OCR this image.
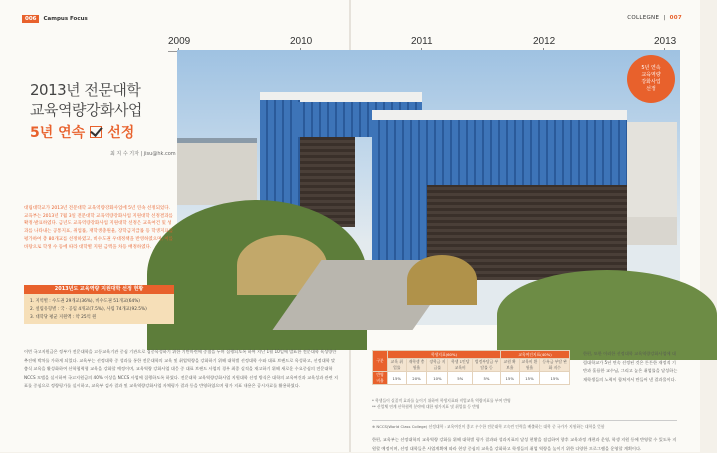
006	Campus Focus	COLLEGNE  |  007
2009	2010	2011	2012	2013
5년 연속
교육역량
강화사업
선정
2013년 전문대학
교육역량강화사업
5년 연속 선정
최 지 수 기자 | jisu@hk.com
대림대학교가 2013년 전문대학 교육역량강화사업에 5년 연속 선정되었다. 교육부는 2013년 7월 3일 전문대학 교육역량강화사업 지원대학 선정결과를 확정·발표하였다. 금년도 교육역량강화사업 지원대학 선정은 교육여건 및 성과를 나타내는 공통지표, 취업률, 재학생충원율, 장학금지급률 등 학생지표를 평가하여 총 80개교를 선정하였고, 비수도권 우대정책을 반영하였으며, 이를 바탕으로 학생 수 등에 따라 대학별 지원 금액을 차등 배정하였다.
2013년도 교육역량 지원대학 선정 현황

1. 지역별 : 수도권 29개교(36%), 비수도권 51개교(64%)

2. 설립유형별 : 국 · 공립 4개교(7.5%), 사립 74개교(92.5%)

3. 대학당 평균 지원액 : 약 25억 원

이번 국고지원금은 정부가 전문대학을 고등교육기관 중심 기관으로 집중육성하기 위한 기반마련에 중점을 두며 집행되도록 하여 지난 1월 10일에 발표한 전문대학 육성방안 추진에 박차를 가하게 되었다. 교육부는 선정대학 중 성과를 통한 전문대학의 교육 및 취업역량을 강화하기 위해 대학별 선정대학 수와 대표 브랜드로 육성하고, 선정대학 맞춤식 교육을 활성화하여 산학협력형 교육을 강화할 예정이며, 교육역량 강화사업 대응 중 대표 브랜드 사업의 경우 최종 실적을 재고하기 위해 새로운 수요중심의 전문대학 NCCS 모델을 실시하여 국고지원금의 40% 이상을 NCCS 사업에 집행하도록 하였다. 전문대학 교육역량강화사업 지원대학 선정 방식은 대학의 교육여건과 교육성과 관련 지표를 중심으로 정량평가를 실시하고, 교육부 검사 결과 및 교육역량강화사업 자체평가 결과 등을 반영하였으며 평가 지표 내용은 공시자료를 활용하였다.
한편, 또한 이러한 선정대학 교육역량강화사업에 대림대학교가 5년 연속 선정된 것은 튼튼한 재정적 기반과 훌륭한 교수님, 그리고 높은 취업률을 달성하는 재학생들의 노력이 합쳐져서 만들어 낸 결과물이다.
한편, 교육부는 선정대학의 교육역량 강화를 위해 대학별 평가 결과와 성과지표의 달성 현황을 점검하여 향후 교육과정 개편과 운영, 학생 지원 등에 반영할 수 있도록 지원할 예정이며, 선정 대학들은 사업계획에 따라 현장 중심의 교육을 강화하고 학생들의 취업 역량을 높이기 위한 다양한 프로그램을 운영할 계획이다.
구분	학생지표(60%)					교육여건지표(40%)		
	교육 취업률	재학생 충원율	장학금 지급률	학생 1인당 교육비	법정부담금 부담률 등	교원 확보율	교육비 환원율	등록금 부담 완화 지수
반영 비율	15%	20%	10%	5%	5%	15%	15%	15%
* 학생들이 실질적 효과를 높이기 위하여 학생지표와 직업교육 역량지표를 부여 반영
** 산업체 연계 산학협력 분야에 대한 평가지표 및 취업률 등 반영
※ NCCS(World Class College) 선정대학 : 교육여건이 좋고 우수한 전문대학 고숙련 인력을 배출하는 대학 중 국가가 지원하는 대학을 뜻함
